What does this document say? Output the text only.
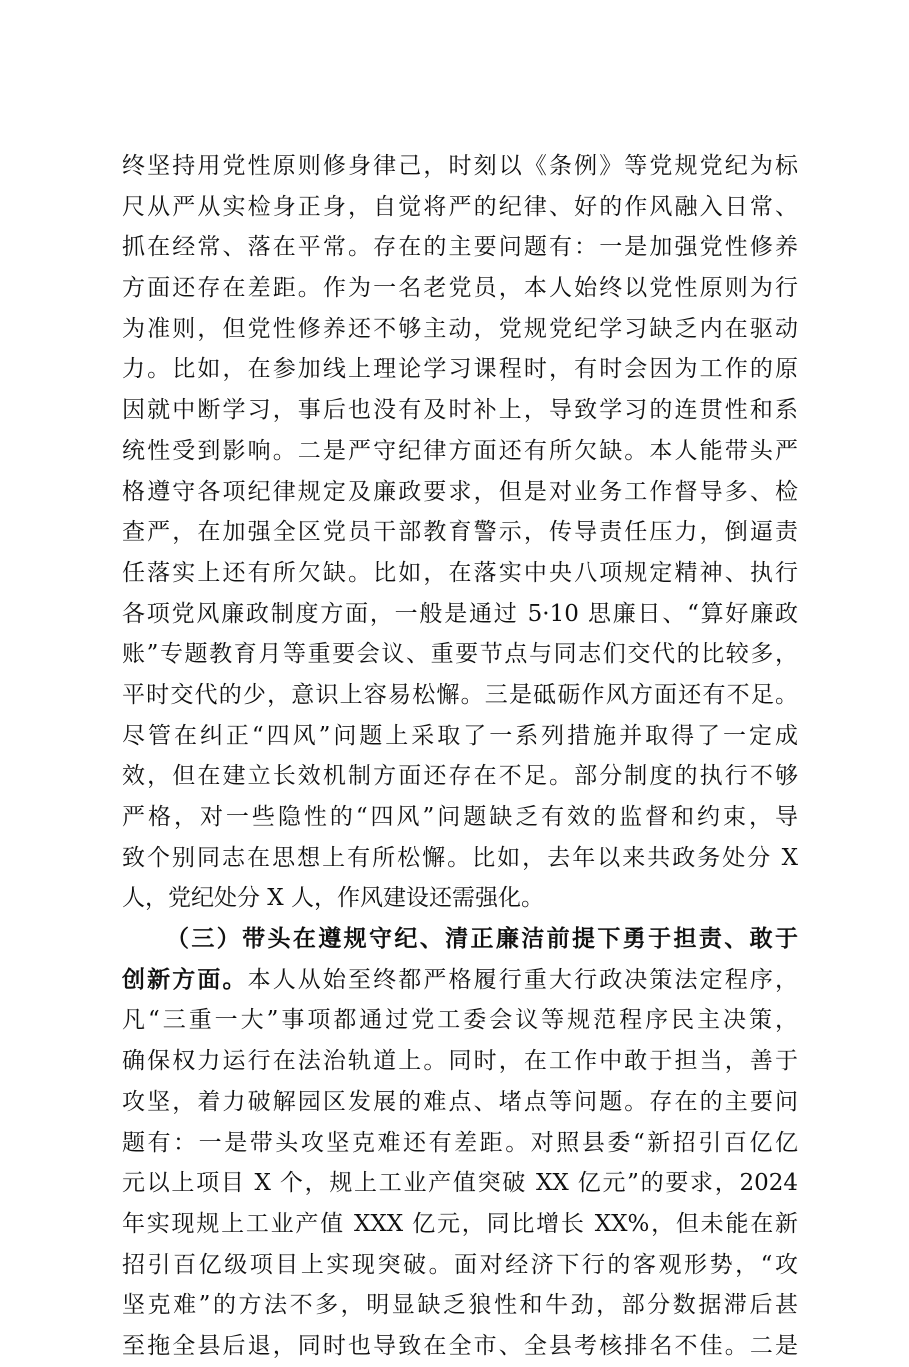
终坚持用党性原则修身律己，时刻以《条例》等党规党纪为标
尺从严从实检身正身，自觉将严的纪律、好的作风融入日常、
抓在经常、落在平常。存在的主要问题有：一是加强党性修养
方面还存在差距。作为一名老党员，本人始终以党性原则为行
为准则，但党性修养还不够主动，党规党纪学习缺乏内在驱动
力。比如，在参加线上理论学习课程时，有时会因为工作的原
因就中断学习，事后也没有及时补上，导致学习的连贯性和系
统性受到影响。二是严守纪律方面还有所欠缺。本人能带头严
格遵守各项纪律规定及廉政要求，但是对业务工作督导多、检
查严，在加强全区党员干部教育警示，传导责任压力，倒逼责
任落实上还有所欠缺。比如，在落实中央八项规定精神、执行
各项党风廉政制度方面，一般是通过 5·10 思廉日、“算好廉政
账”专题教育月等重要会议、重要节点与同志们交代的比较多，
平时交代的少，意识上容易松懈。三是砥砺作风方面还有不足。
尽管在纠正“四风”问题上采取了一系列措施并取得了一定成
效，但在建立长效机制方面还存在不足。部分制度的执行不够
严格，对一些隐性的“四风”问题缺乏有效的监督和约束，导
致个别同志在思想上有所松懈。比如，去年以来共政务处分 X
人，党纪处分 X 人，作风建设还需强化。
（三）带头在遵规守纪、清正廉洁前提下勇于担责、敢于
创新方面。本人从始至终都严格履行重大行政决策法定程序，
凡“三重一大”事项都通过党工委会议等规范程序民主决策，
确保权力运行在法治轨道上。同时，在工作中敢于担当，善于
攻坚，着力破解园区发展的难点、堵点等问题。存在的主要问
题有：一是带头攻坚克难还有差距。对照县委“新招引百亿亿
元以上项目 X 个，规上工业产值突破 XX 亿元”的要求，2024
年实现规上工业产值 XXX 亿元，同比增长 XX%，但未能在新
招引百亿级项目上实现突破。面对经济下行的客观形势，“攻
坚克难”的方法不多，明显缺乏狼性和牛劲，部分数据滞后甚
至拖全县后退，同时也导致在全市、全县考核排名不佳。二是
